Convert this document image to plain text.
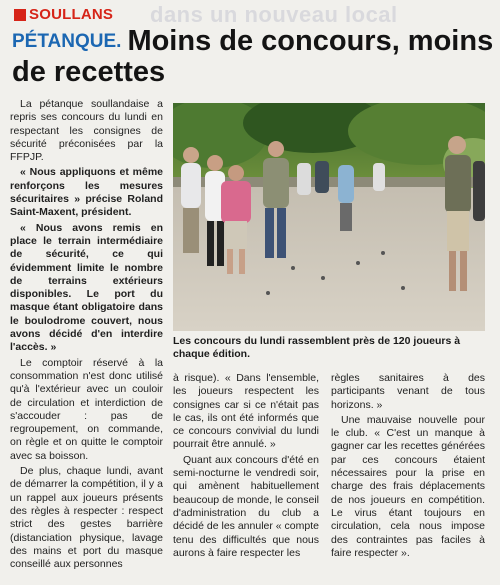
dans un nouveau local
SOULLANS
PÉTANQUE. Moins de concours, moins de recettes

La pétanque soullandaise a repris ses concours du lundi en respectant les consignes de sécurité préconisées par la FFPJP.

« Nous appliquons et même renforçons les mesures sécuritaires » précise Roland Saint-Maxent, président.

« Nous avons remis en place le terrain intermédiaire de sécurité, ce qui évidemment limite le nombre de terrains extérieurs disponibles. Le port du masque étant obligatoire dans le boulodrome couvert, nous avons décidé d'en interdire l'accès. »

Le comptoir réservé à la consommation n'est donc utilisé qu'à l'extérieur avec un couloir de circulation et interdiction de s'accouder : pas de regroupement, on commande, on règle et on quitte le comptoir avec sa boisson.

De plus, chaque lundi, avant de démarrer la compétition, il y a un rappel aux joueurs présents des règles à respecter : respect strict des gestes barrière (distanciation physique, lavage des mains et port du masque conseillé aux personnes

Les concours du lundi rassemblent près de 120 joueurs à chaque édition.

à risque). « Dans l'ensemble, les joueurs respectent les consignes car si ce n'était pas le cas, ils ont été informés que ce concours convivial du lundi pourrait être annulé. »

Quant aux concours d'été en semi-nocturne le vendredi soir, qui amènent habituellement beaucoup de monde, le conseil d'administration du club a décidé de les annuler « compte tenu des difficultés que nous aurons à faire respecter les

règles sanitaires à des participants venant de tous horizons. »

Une mauvaise nouvelle pour le club. « C'est un manque à gagner car les recettes générées par ces concours étaient nécessaires pour la prise en charge des frais déplacements de nos joueurs en compétition. Le virus étant toujours en circulation, cela nous impose des contraintes pas faciles à faire respecter ».
